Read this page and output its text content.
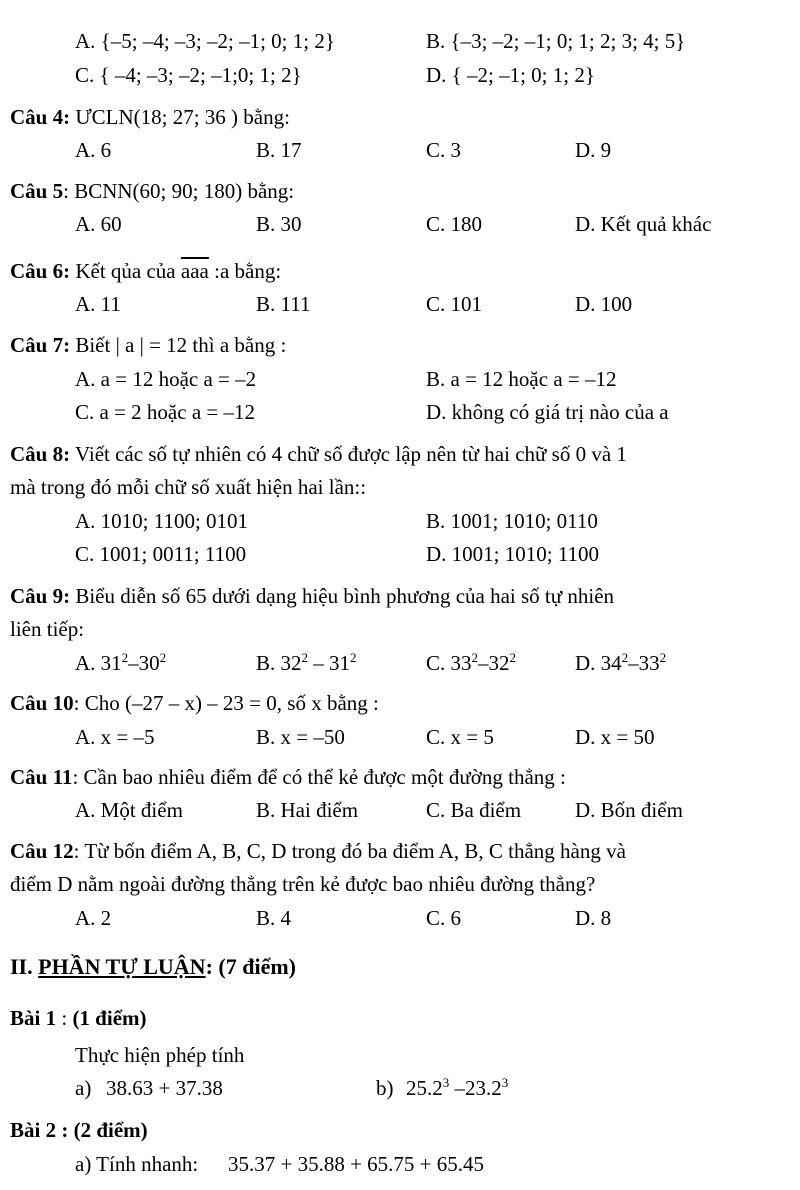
A. {–5; –4; –3; –2; –1; 0; 1; 2}	B. {–3; –2; –1; 0; 1; 2; 3; 4; 5}
C. { –4; –3; –2; –1;0; 1; 2}	D. { –2; –1; 0; 1; 2}
Câu 4: ƯCLN(18; 27; 36 ) bằng:
A. 6	B. 17	C. 3	D. 9
Câu 5: BCNN(60; 90; 180) bằng:
A. 60	B. 30	C. 180	D. Kết quả khác
Câu 6: Kết qủa của $\overline{aaa}$ :a bằng:
A. 11	B. 111	C. 101	D. 100
Câu 7: Biết | a | = 12 thì a bằng :
A. a = 12 hoặc a = –2	B. a = 12 hoặc a = –12
C. a = 2 hoặc a = –12	D. không có giá trị nào của a
Câu 8: Viết các số tự nhiên có 4 chữ số được lập nên từ hai chữ số 0 và 1
mà trong đó mỗi chữ số xuất hiện hai lần::
A. 1010; 1100; 0101	B. 1001; 1010; 0110
C. 1001; 0011; 1100	D. 1001; 1010; 1100
Câu 9: Biểu diễn số 65 dưới dạng hiệu bình phương của hai số tự nhiên
liên tiếp:
A. $31^2-30^2$	B. $32^2 - 31^2$	C. $33^2-32^2$	D. $34^2-33^2$
Câu 10: Cho (–27 – x) – 23 = 0, số x bằng :
A. x = –5	B. x = –50	C. x = 5	D. x = 50
Câu 11: Cần bao nhiêu điểm để có thể kẻ được một đường thẳng :
A. Một điểm	B. Hai điểm	C. Ba điểm	D. Bốn điểm
Câu 12: Từ bốn điểm A, B, C, D trong đó ba điểm A, B, C thẳng hàng và
điểm D nằm ngoài đường thẳng trên kẻ được bao nhiêu đường thẳng?
A. 2	B. 4	C. 6	D. 8
II. PHẦN TỰ LUẬN: (7 điểm)
Bài 1 : (1 điểm)
Thực hiện phép tính
a) 38.63 + 37.38	b) 25.2$^3$ –23.2$^3$
Bài 2 : (2 điểm)
a) Tính nhanh: 35.37 + 35.88 + 65.75 + 65.45
